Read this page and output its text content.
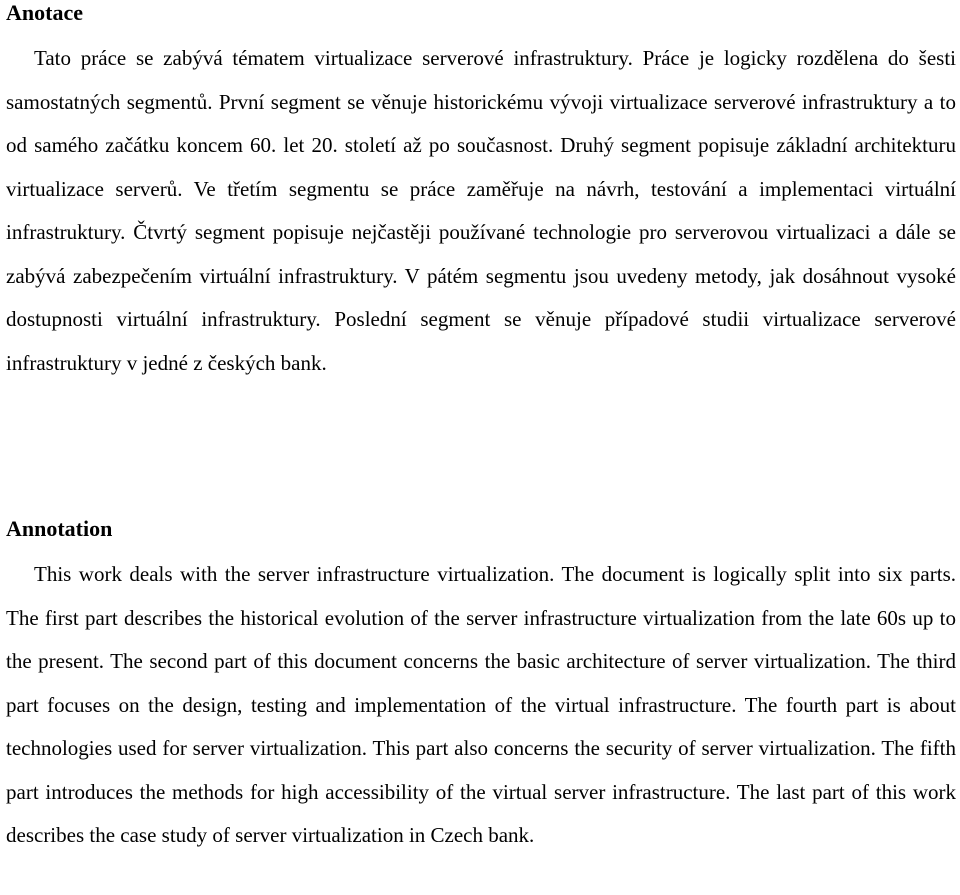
Anotace

Tato práce se zabývá tématem virtualizace serverové infrastruktury. Práce je logicky rozdělena do šesti samostatných segmentů. První segment se věnuje historickému vývoji virtualizace serverové infrastruktury a to od samého začátku koncem 60. let 20. století až po současnost. Druhý segment popisuje základní architekturu virtualizace serverů. Ve třetím segmentu se práce zaměřuje na návrh, testování a implementaci virtuální infrastruktury. Čtvrtý segment popisuje nejčastěji používané technologie pro serverovou virtualizaci a dále se zabývá zabezpečením virtuální infrastruktury. V pátém segmentu jsou uvedeny metody, jak dosáhnout vysoké dostupnosti virtuální infrastruktury. Poslední segment se věnuje případové studii virtualizace serverové infrastruktury v jedné z českých bank.

Annotation

This work deals with the server infrastructure virtualization. The document is logically split into six parts. The first part describes the historical evolution of the server infrastructure virtualization from the late 60s up to the present. The second part of this document concerns the basic architecture of server virtualization. The third part focuses on the design, testing and implementation of the virtual infrastructure. The fourth part is about technologies used for server virtualization. This part also concerns the security of server virtualization. The fifth part introduces the methods for high accessibility of the virtual server infrastructure. The last part of this work describes the case study of server virtualization in Czech bank.
